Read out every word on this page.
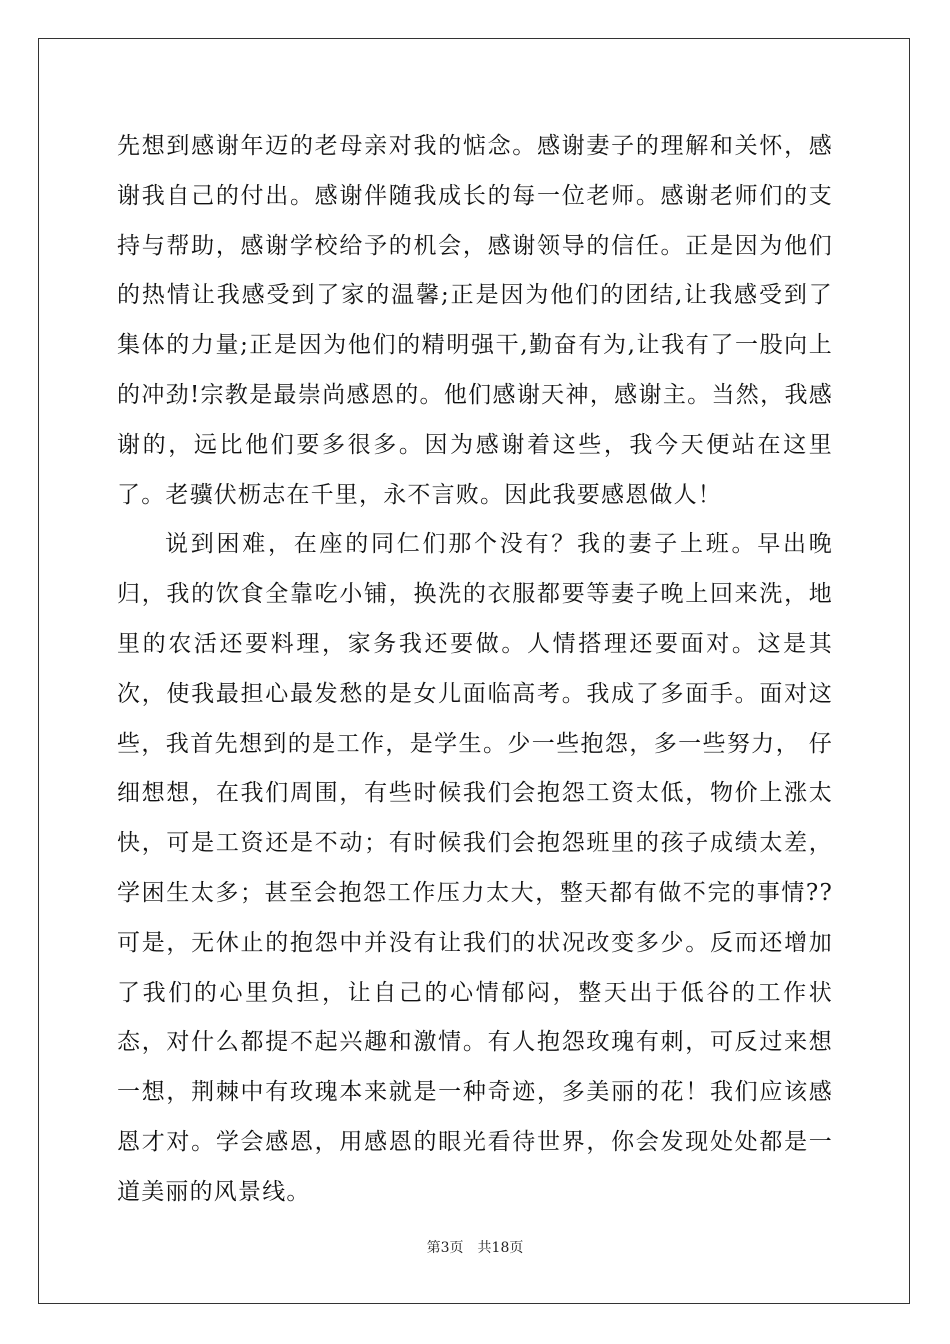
先想到感谢年迈的老母亲对我的惦念。感谢妻子的理解和关怀，感谢我自己的付出。感谢伴随我成长的每一位老师。感谢老师们的支持与帮助，感谢学校给予的机会，感谢领导的信任。正是因为他们的热情让我感受到了家的温馨;正是因为他们的团结,让我感受到了集体的力量;正是因为他们的精明强干,勤奋有为,让我有了一股向上的冲劲!宗教是最崇尚感恩的。他们感谢天神，感谢主。当然，我感谢的，远比他们要多很多。因为感谢着这些，我今天便站在这里了。老骥伏枥志在千里，永不言败。因此我要感恩做人！

说到困难，在座的同仁们那个没有？我的妻子上班。早出晚归，我的饮食全靠吃小铺，换洗的衣服都要等妻子晚上回来洗，地里的农活还要料理，家务我还要做。人情搭理还要面对。这是其次，使我最担心最发愁的是女儿面临高考。我成了多面手。面对这些，我首先想到的是工作，是学生。少一些抱怨，多一些努力， 仔细想想，在我们周围，有些时候我们会抱怨工资太低，物价上涨太快，可是工资还是不动；有时候我们会抱怨班里的孩子成绩太差，学困生太多；甚至会抱怨工作压力太大，整天都有做不完的事情??可是，无休止的抱怨中并没有让我们的状况改变多少。反而还增加了我们的心里负担，让自己的心情郁闷，整天出于低谷的工作状态，对什么都提不起兴趣和激情。有人抱怨玫瑰有刺，可反过来想一想，荆棘中有玫瑰本来就是一种奇迹，多美丽的花！我们应该感恩才对。学会感恩，用感恩的眼光看待世界，你会发现处处都是一道美丽的风景线。

第3页 共18页
